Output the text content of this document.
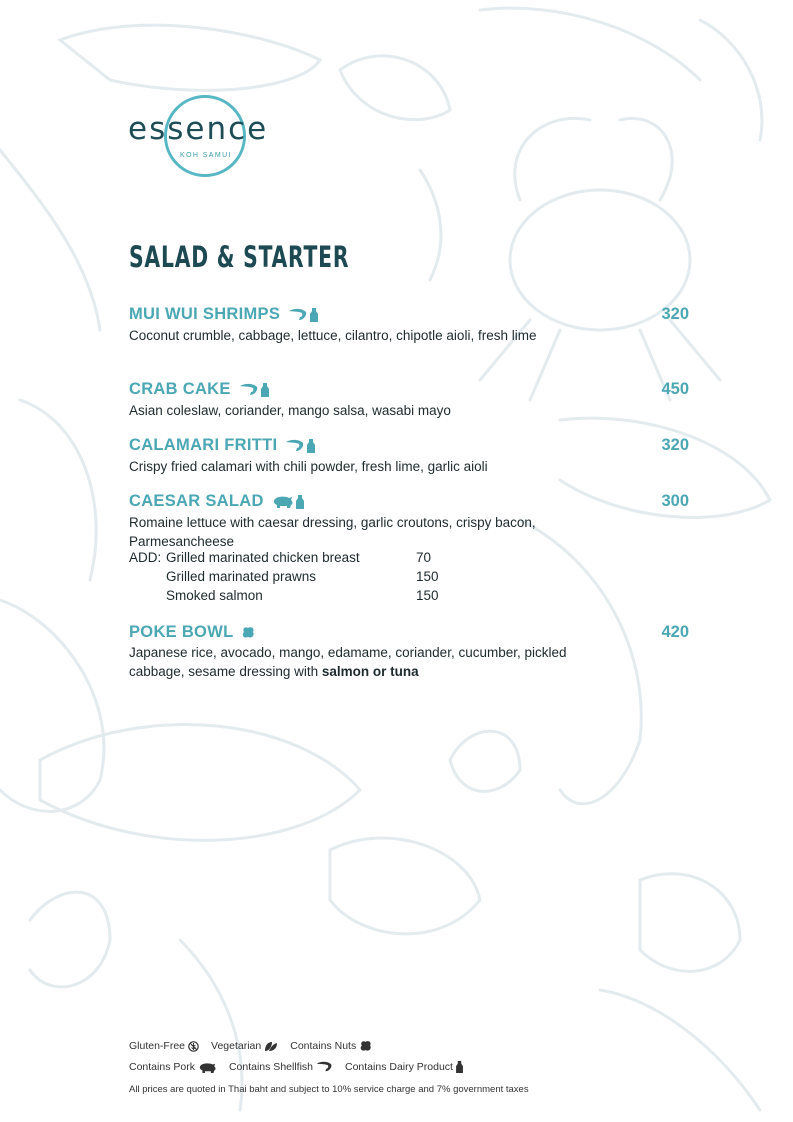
essence
KOH SAMUI
SALAD & STARTER
MUI WUI SHRIMPS	320
Coconut crumble, cabbage, lettuce, cilantro, chipotle aioli, fresh lime
CRAB CAKE	450
Asian coleslaw, coriander, mango salsa, wasabi mayo
CALAMARI FRITTI	320
Crispy fried calamari with chili powder, fresh lime, garlic aioli
CAESAR SALAD	300
Romaine lettuce with caesar dressing, garlic croutons, crispy bacon, Parmesancheese
ADD: Grilled marinated chicken breast	70
Grilled marinated prawns	150
Smoked salmon	150
POKE BOWL	420
Japanese rice, avocado, mango, edamame, coriander, cucumber, pickled cabbage, sesame dressing with salmon or tuna
Gluten-Free Vegetarian	Contains Nuts
Contains Pork	Contains Shellfish	Contains Dairy Product
All prices are quoted in Thai baht and subject to 10% service charge and 7% government taxes
